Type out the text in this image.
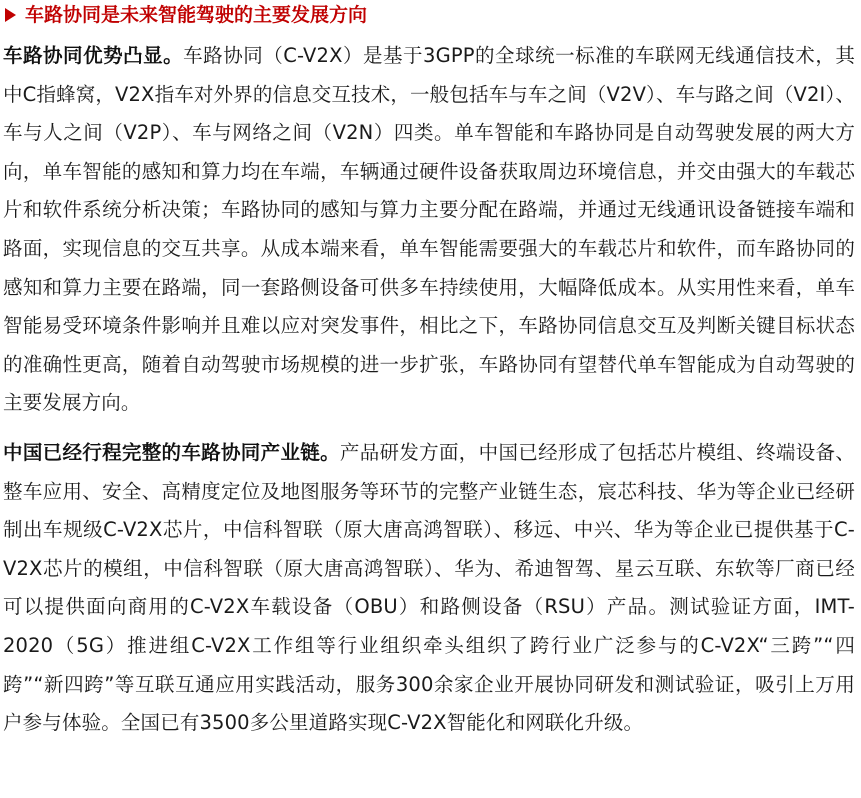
车路协同是未来智能驾驶的主要发展方向

车路协同优势凸显。车路协同（C-V2X）是基于3GPP的全球统一标准的车联网无线通信技术，其中C指蜂窝，V2X指车对外界的信息交互技术，一般包括车与车之间（V2V）、车与路之间（V2I）、车与人之间（V2P）、车与网络之间（V2N）四类。单车智能和车路协同是自动驾驶发展的两大方向，单车智能的感知和算力均在车端，车辆通过硬件设备获取周边环境信息，并交由强大的车载芯片和软件系统分析决策；车路协同的感知与算力主要分配在路端，并通过无线通讯设备链接车端和路面，实现信息的交互共享。从成本端来看，单车智能需要强大的车载芯片和软件，而车路协同的感知和算力主要在路端，同一套路侧设备可供多车持续使用，大幅降低成本。从实用性来看，单车智能易受环境条件影响并且难以应对突发事件，相比之下，车路协同信息交互及判断关键目标状态的准确性更高，随着自动驾驶市场规模的进一步扩张，车路协同有望替代单车智能成为自动驾驶的主要发展方向。

中国已经行程完整的车路协同产业链。产品研发方面，中国已经形成了包括芯片模组、终端设备、整车应用、安全、高精度定位及地图服务等环节的完整产业链生态，宸芯科技、华为等企业已经研制出车规级C-V2X芯片，中信科智联（原大唐高鸿智联）、移远、中兴、华为等企业已提供基于C-V2X芯片的模组，中信科智联（原大唐高鸿智联）、华为、希迪智驾、星云互联、东软等厂商已经可以提供面向商用的C-V2X车载设备（OBU）和路侧设备（RSU）产品。测试验证方面，IMT-2020（5G）推进组C-V2X工作组等行业组织牵头组织了跨行业广泛参与的C-V2X“三跨”“四跨”“新四跨”等互联互通应用实践活动，服务300余家企业开展协同研发和测试验证，吸引上万用户参与体验。全国已有3500多公里道路实现C-V2X智能化和网联化升级。
